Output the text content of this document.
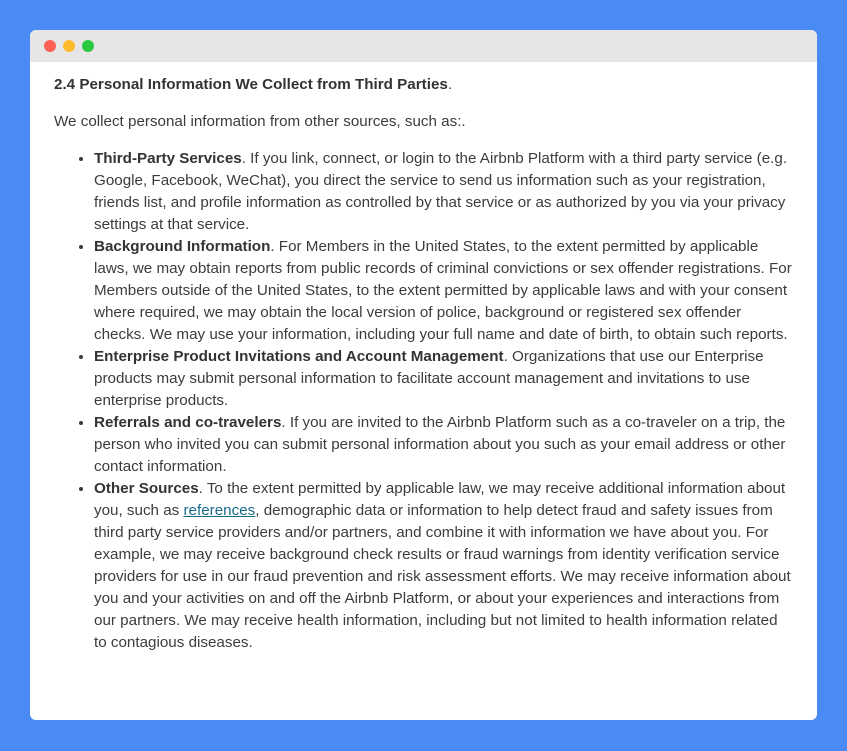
2.4 Personal Information We Collect from Third Parties.

We collect personal information from other sources, such as:.

• Third-Party Services. If you link, connect, or login to the Airbnb Platform with a third party service (e.g. Google, Facebook, WeChat), you direct the service to send us information such as your registration, friends list, and profile information as controlled by that service or as authorized by you via your privacy settings at that service.
• Background Information. For Members in the United States, to the extent permitted by applicable laws, we may obtain reports from public records of criminal convictions or sex offender registrations. For Members outside of the United States, to the extent permitted by applicable laws and with your consent where required, we may obtain the local version of police, background or registered sex offender checks. We may use your information, including your full name and date of birth, to obtain such reports.
• Enterprise Product Invitations and Account Management. Organizations that use our Enterprise products may submit personal information to facilitate account management and invitations to use enterprise products.
• Referrals and co-travelers. If you are invited to the Airbnb Platform such as a co-traveler on a trip, the person who invited you can submit personal information about you such as your email address or other contact information.
• Other Sources. To the extent permitted by applicable law, we may receive additional information about you, such as references, demographic data or information to help detect fraud and safety issues from third party service providers and/or partners, and combine it with information we have about you. For example, we may receive background check results or fraud warnings from identity verification service providers for use in our fraud prevention and risk assessment efforts. We may receive information about you and your activities on and off the Airbnb Platform, or about your experiences and interactions from our partners. We may receive health information, including but not limited to health information related to contagious diseases.
